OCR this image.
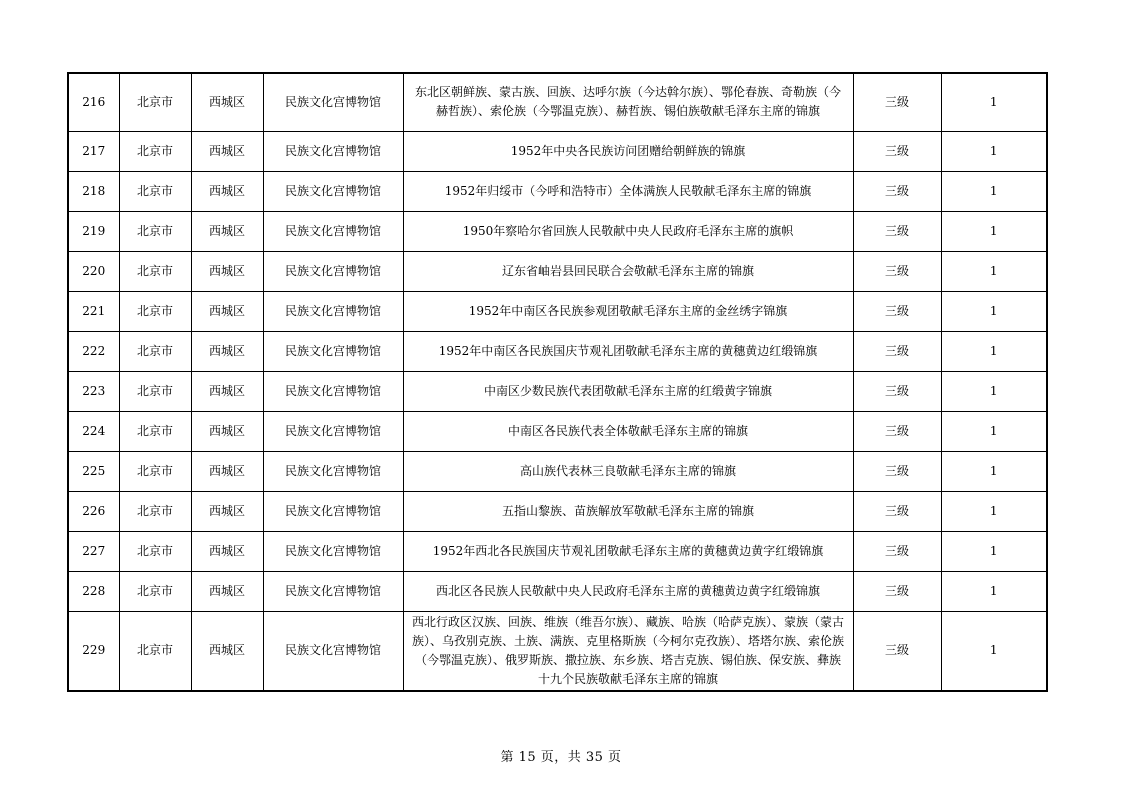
216	北京市	西城区	民族文化宫博物馆	东北区朝鲜族、蒙古族、回族、达呼尔族（今达斡尔族）、鄂伦春族、奇勒族（今赫哲族）、索伦族（今鄂温克族）、赫哲族、锡伯族敬献毛泽东主席的锦旗	三级	1
217	北京市	西城区	民族文化宫博物馆	1952年中央各民族访问团赠给朝鲜族的锦旗	三级	1
218	北京市	西城区	民族文化宫博物馆	1952年归绥市（今呼和浩特市）全体满族人民敬献毛泽东主席的锦旗	三级	1
219	北京市	西城区	民族文化宫博物馆	1950年察哈尔省回族人民敬献中央人民政府毛泽东主席的旗帜	三级	1
220	北京市	西城区	民族文化宫博物馆	辽东省岫岩县回民联合会敬献毛泽东主席的锦旗	三级	1
221	北京市	西城区	民族文化宫博物馆	1952年中南区各民族参观团敬献毛泽东主席的金丝绣字锦旗	三级	1
222	北京市	西城区	民族文化宫博物馆	1952年中南区各民族国庆节观礼团敬献毛泽东主席的黄穗黄边红缎锦旗	三级	1
223	北京市	西城区	民族文化宫博物馆	中南区少数民族代表团敬献毛泽东主席的红缎黄字锦旗	三级	1
224	北京市	西城区	民族文化宫博物馆	中南区各民族代表全体敬献毛泽东主席的锦旗	三级	1
225	北京市	西城区	民族文化宫博物馆	高山族代表林三良敬献毛泽东主席的锦旗	三级	1
226	北京市	西城区	民族文化宫博物馆	五指山黎族、苗族解放军敬献毛泽东主席的锦旗	三级	1
227	北京市	西城区	民族文化宫博物馆	1952年西北各民族国庆节观礼团敬献毛泽东主席的黄穗黄边黄字红缎锦旗	三级	1
228	北京市	西城区	民族文化宫博物馆	西北区各民族人民敬献中央人民政府毛泽东主席的黄穗黄边黄字红缎锦旗	三级	1
229	北京市	西城区	民族文化宫博物馆	西北行政区汉族、回族、维族（维吾尔族）、藏族、哈族（哈萨克族）、蒙族（蒙古族）、乌孜别克族、土族、满族、克里格斯族（今柯尔克孜族）、塔塔尔族、索伦族（今鄂温克族）、俄罗斯族、撒拉族、东乡族、塔吉克族、锡伯族、保安族、彝族十九个民族敬献毛泽东主席的锦旗	三级	1
第 15 页，共 35 页
